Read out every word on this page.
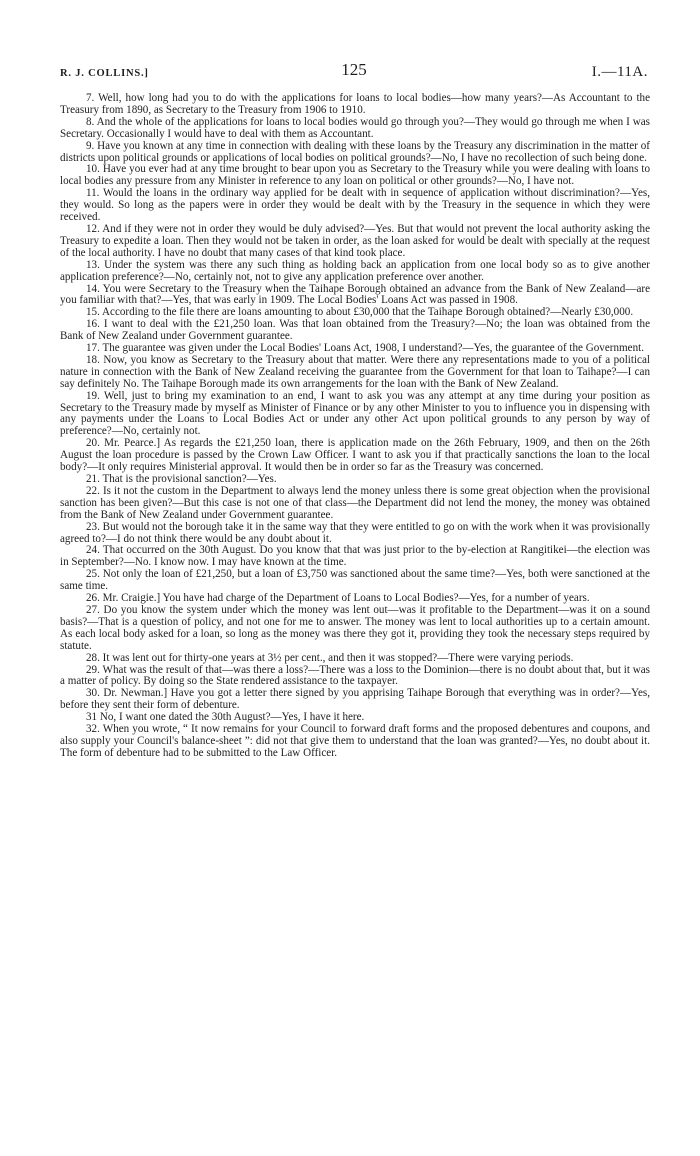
R. J. COLLINS.]	125	I.—11A.

7. Well, how long had you to do with the applications for loans to local bodies—how many years?—As Accountant to the Treasury from 1890, as Secretary to the Treasury from 1906 to 1910.

8. And the whole of the applications for loans to local bodies would go through you?—They would go through me when I was Secretary. Occasionally I would have to deal with them as Accountant.

9. Have you known at any time in connection with dealing with these loans by the Treasury any discrimination in the matter of districts upon political grounds or applications of local bodies on political grounds?—No, I have no recollection of such being done.

10. Have you ever had at any time brought to bear upon you as Secretary to the Treasury while you were dealing with loans to local bodies any pressure from any Minister in reference to any loan on political or other grounds?—No, I have not.

11. Would the loans in the ordinary way applied for be dealt with in sequence of application without discrimination?—Yes, they would. So long as the papers were in order they would be dealt with by the Treasury in the sequence in which they were received.

12. And if they were not in order they would be duly advised?—Yes. But that would not prevent the local authority asking the Treasury to expedite a loan. Then they would not be taken in order, as the loan asked for would be dealt with specially at the request of the local authority. I have no doubt that many cases of that kind took place.

13. Under the system was there any such thing as holding back an application from one local body so as to give another application preference?—No, certainly not, not to give any application preference over another.

14. You were Secretary to the Treasury when the Taihape Borough obtained an advance from the Bank of New Zealand—are you familiar with that?—Yes, that was early in 1909. The Local Bodies' Loans Act was passed in 1908.

15. According to the file there are loans amounting to about £30,000 that the Taihape Borough obtained?—Nearly £30,000.

16. I want to deal with the £21,250 loan. Was that loan obtained from the Treasury?—No; the loan was obtained from the Bank of New Zealand under Government guarantee.

17. The guarantee was given under the Local Bodies' Loans Act, 1908, I understand?—Yes, the guarantee of the Government.

18. Now, you know as Secretary to the Treasury about that matter. Were there any representations made to you of a political nature in connection with the Bank of New Zealand receiving the guarantee from the Government for that loan to Taihape?—I can say definitely No. The Taihape Borough made its own arrangements for the loan with the Bank of New Zealand.

19. Well, just to bring my examination to an end, I want to ask you was any attempt at any time during your position as Secretary to the Treasury made by myself as Minister of Finance or by any other Minister to you to influence you in dispensing with any payments under the Loans to Local Bodies Act or under any other Act upon political grounds to any person by way of preference?—No, certainly not.

20. Mr. Pearce.] As regards the £21,250 loan, there is application made on the 26th February, 1909, and then on the 26th August the loan procedure is passed by the Crown Law Officer. I want to ask you if that practically sanctions the loan to the local body?—It only requires Ministerial approval. It would then be in order so far as the Treasury was concerned.

21. That is the provisional sanction?—Yes.

22. Is it not the custom in the Department to always lend the money unless there is some great objection when the provisional sanction has been given?—But this case is not one of that class—the Department did not lend the money, the money was obtained from the Bank of New Zealand under Government guarantee.

23. But would not the borough take it in the same way that they were entitled to go on with the work when it was provisionally agreed to?—I do not think there would be any doubt about it.

24. That occurred on the 30th August. Do you know that that was just prior to the by-election at Rangitikei—the election was in September?—No. I know now. I may have known at the time.

25. Not only the loan of £21,250, but a loan of £3,750 was sanctioned about the same time?—Yes, both were sanctioned at the same time.

26. Mr. Craigie.] You have had charge of the Department of Loans to Local Bodies?—Yes, for a number of years.

27. Do you know the system under which the money was lent out—was it profitable to the Department—was it on a sound basis?—That is a question of policy, and not one for me to answer. The money was lent to local authorities up to a certain amount. As each local body asked for a loan, so long as the money was there they got it, providing they took the necessary steps required by statute.

28. It was lent out for thirty-one years at 3½ per cent., and then it was stopped?—There were varying periods.

29. What was the result of that—was there a loss?—There was a loss to the Dominion—there is no doubt about that, but it was a matter of policy. By doing so the State rendered assistance to the taxpayer.

30. Dr. Newman.] Have you got a letter there signed by you apprising Taihape Borough that everything was in order?—Yes, before they sent their form of debenture.

31 No, I want one dated the 30th August?—Yes, I have it here.

32. When you wrote, “ It now remains for your Council to forward draft forms and the proposed debentures and coupons, and also supply your Council's balance-sheet ”: did not that give them to understand that the loan was granted?—Yes, no doubt about it. The form of debenture had to be submitted to the Law Officer.
